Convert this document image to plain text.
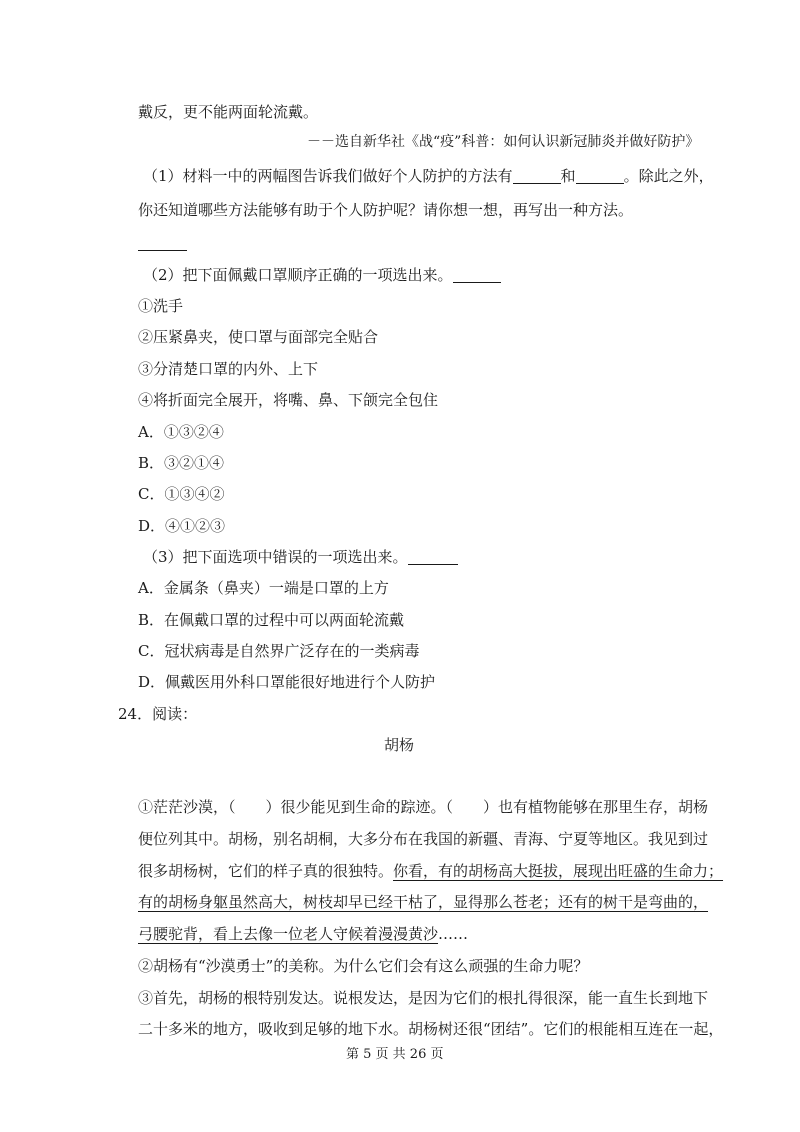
戴反，更不能两面轮流戴。
－－选自新华社《战“疫”科普：如何认识新冠肺炎并做好防护》
（1）材料一中的两幅图告诉我们做好个人防护的方法有	和	。除此之外，
你还知道哪些方法能够有助于个人防护呢？请你想一想，再写出一种方法。
（2）把下面佩戴口罩顺序正确的一项选出来。
①洗手
②压紧鼻夹，使口罩与面部完全贴合
③分清楚口罩的内外、上下
④将折面完全展开，将嘴、鼻、下颌完全包住
A．①③②④
B．③②①④
C．①③④②
D．④①②③
（3）把下面选项中错误的一项选出来。
A．金属条（鼻夹）一端是口罩的上方
B．在佩戴口罩的过程中可以两面轮流戴
C．冠状病毒是自然界广泛存在的一类病毒
D．佩戴医用外科口罩能很好地进行个人防护
24．阅读：
胡杨
①茫茫沙漠，（　　）很少能见到生命的踪迹。（　　）也有植物能够在那里生存，胡杨
便位列其中。胡杨，别名胡桐，大多分布在我国的新疆、青海、宁夏等地区。我见到过
很多胡杨树，它们的样子真的很独特。你看，有的胡杨高大挺拔，展现出旺盛的生命力；
有的胡杨身躯虽然高大，树枝却早已经干枯了，显得那么苍老；还有的树干是弯曲的，
弓腰驼背，看上去像一位老人守候着漫漫黄沙……
②胡杨有“沙漠勇士”的美称。为什么它们会有这么顽强的生命力呢？
③首先，胡杨的根特别发达。说根发达，是因为它们的根扎得很深，能一直生长到地下
二十多米的地方，吸收到足够的地下水。胡杨树还很“团结”。它们的根能相互连在一起，
第 5 页 共 26 页
